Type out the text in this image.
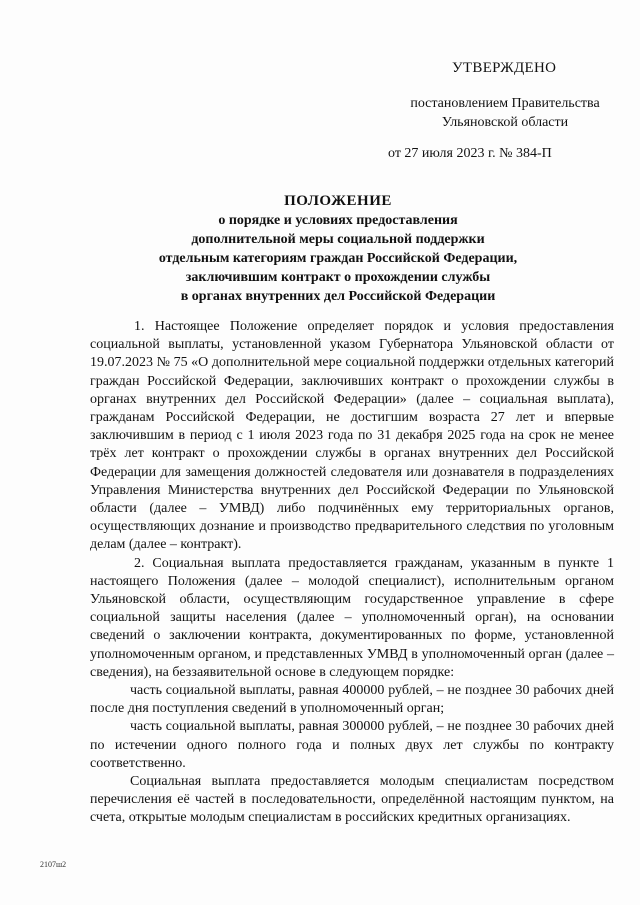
УТВЕРЖДЕНО
постановлением Правительства
Ульяновской области
от 27 июля 2023 г. № 384-П
ПОЛОЖЕНИЕ
о порядке и условиях предоставления
дополнительной меры социальной поддержки
отдельным категориям граждан Российской Федерации,
заключившим контракт о прохождении службы
в органах внутренних дел Российской Федерации

1. Настоящее Положение определяет порядок и условия предоставления социальной выплаты, установленной указом Губернатора Ульяновской области от 19.07.2023 № 75 «О дополнительной мере социальной поддержки отдельных категорий граждан Российской Федерации, заключивших контракт о прохождении службы в органах внутренних дел Российской Федерации» (далее – социальная выплата), гражданам Российской Федерации, не достигшим возраста 27 лет и впервые заключившим в период с 1 июля 2023 года по 31 декабря 2025 года на срок не менее трёх лет контракт о прохождении службы в органах внутренних дел Российской Федерации для замещения должностей следователя или дознавателя в подразделениях Управления Министерства внутренних дел Российской Федерации по Ульяновской области (далее – УМВД) либо подчинённых ему территориальных органов, осуществляющих дознание и производство предварительного следствия по уголовным делам (далее – контракт).

2. Социальная выплата предоставляется гражданам, указанным в пункте 1 настоящего Положения (далее – молодой специалист), исполнительным органом Ульяновской области, осуществляющим государственное управление в сфере социальной защиты населения (далее – уполномоченный орган), на основании сведений о заключении контракта, документированных по форме, установленной уполномоченным органом, и представленных УМВД в уполномоченный орган (далее – сведения), на беззаявительной основе в следующем порядке:

часть социальной выплаты, равная 400000 рублей, – не позднее 30 рабочих дней после дня поступления сведений в уполномоченный орган;

часть социальной выплаты, равная 300000 рублей, – не позднее 30 рабочих дней по истечении одного полного года и полных двух лет службы по контракту соответственно.

Социальная выплата предоставляется молодым специалистам посредством перечисления её частей в последовательности, определённой настоящим пунктом, на счета, открытые молодым специалистам в российских кредитных организациях.

2107ш2
